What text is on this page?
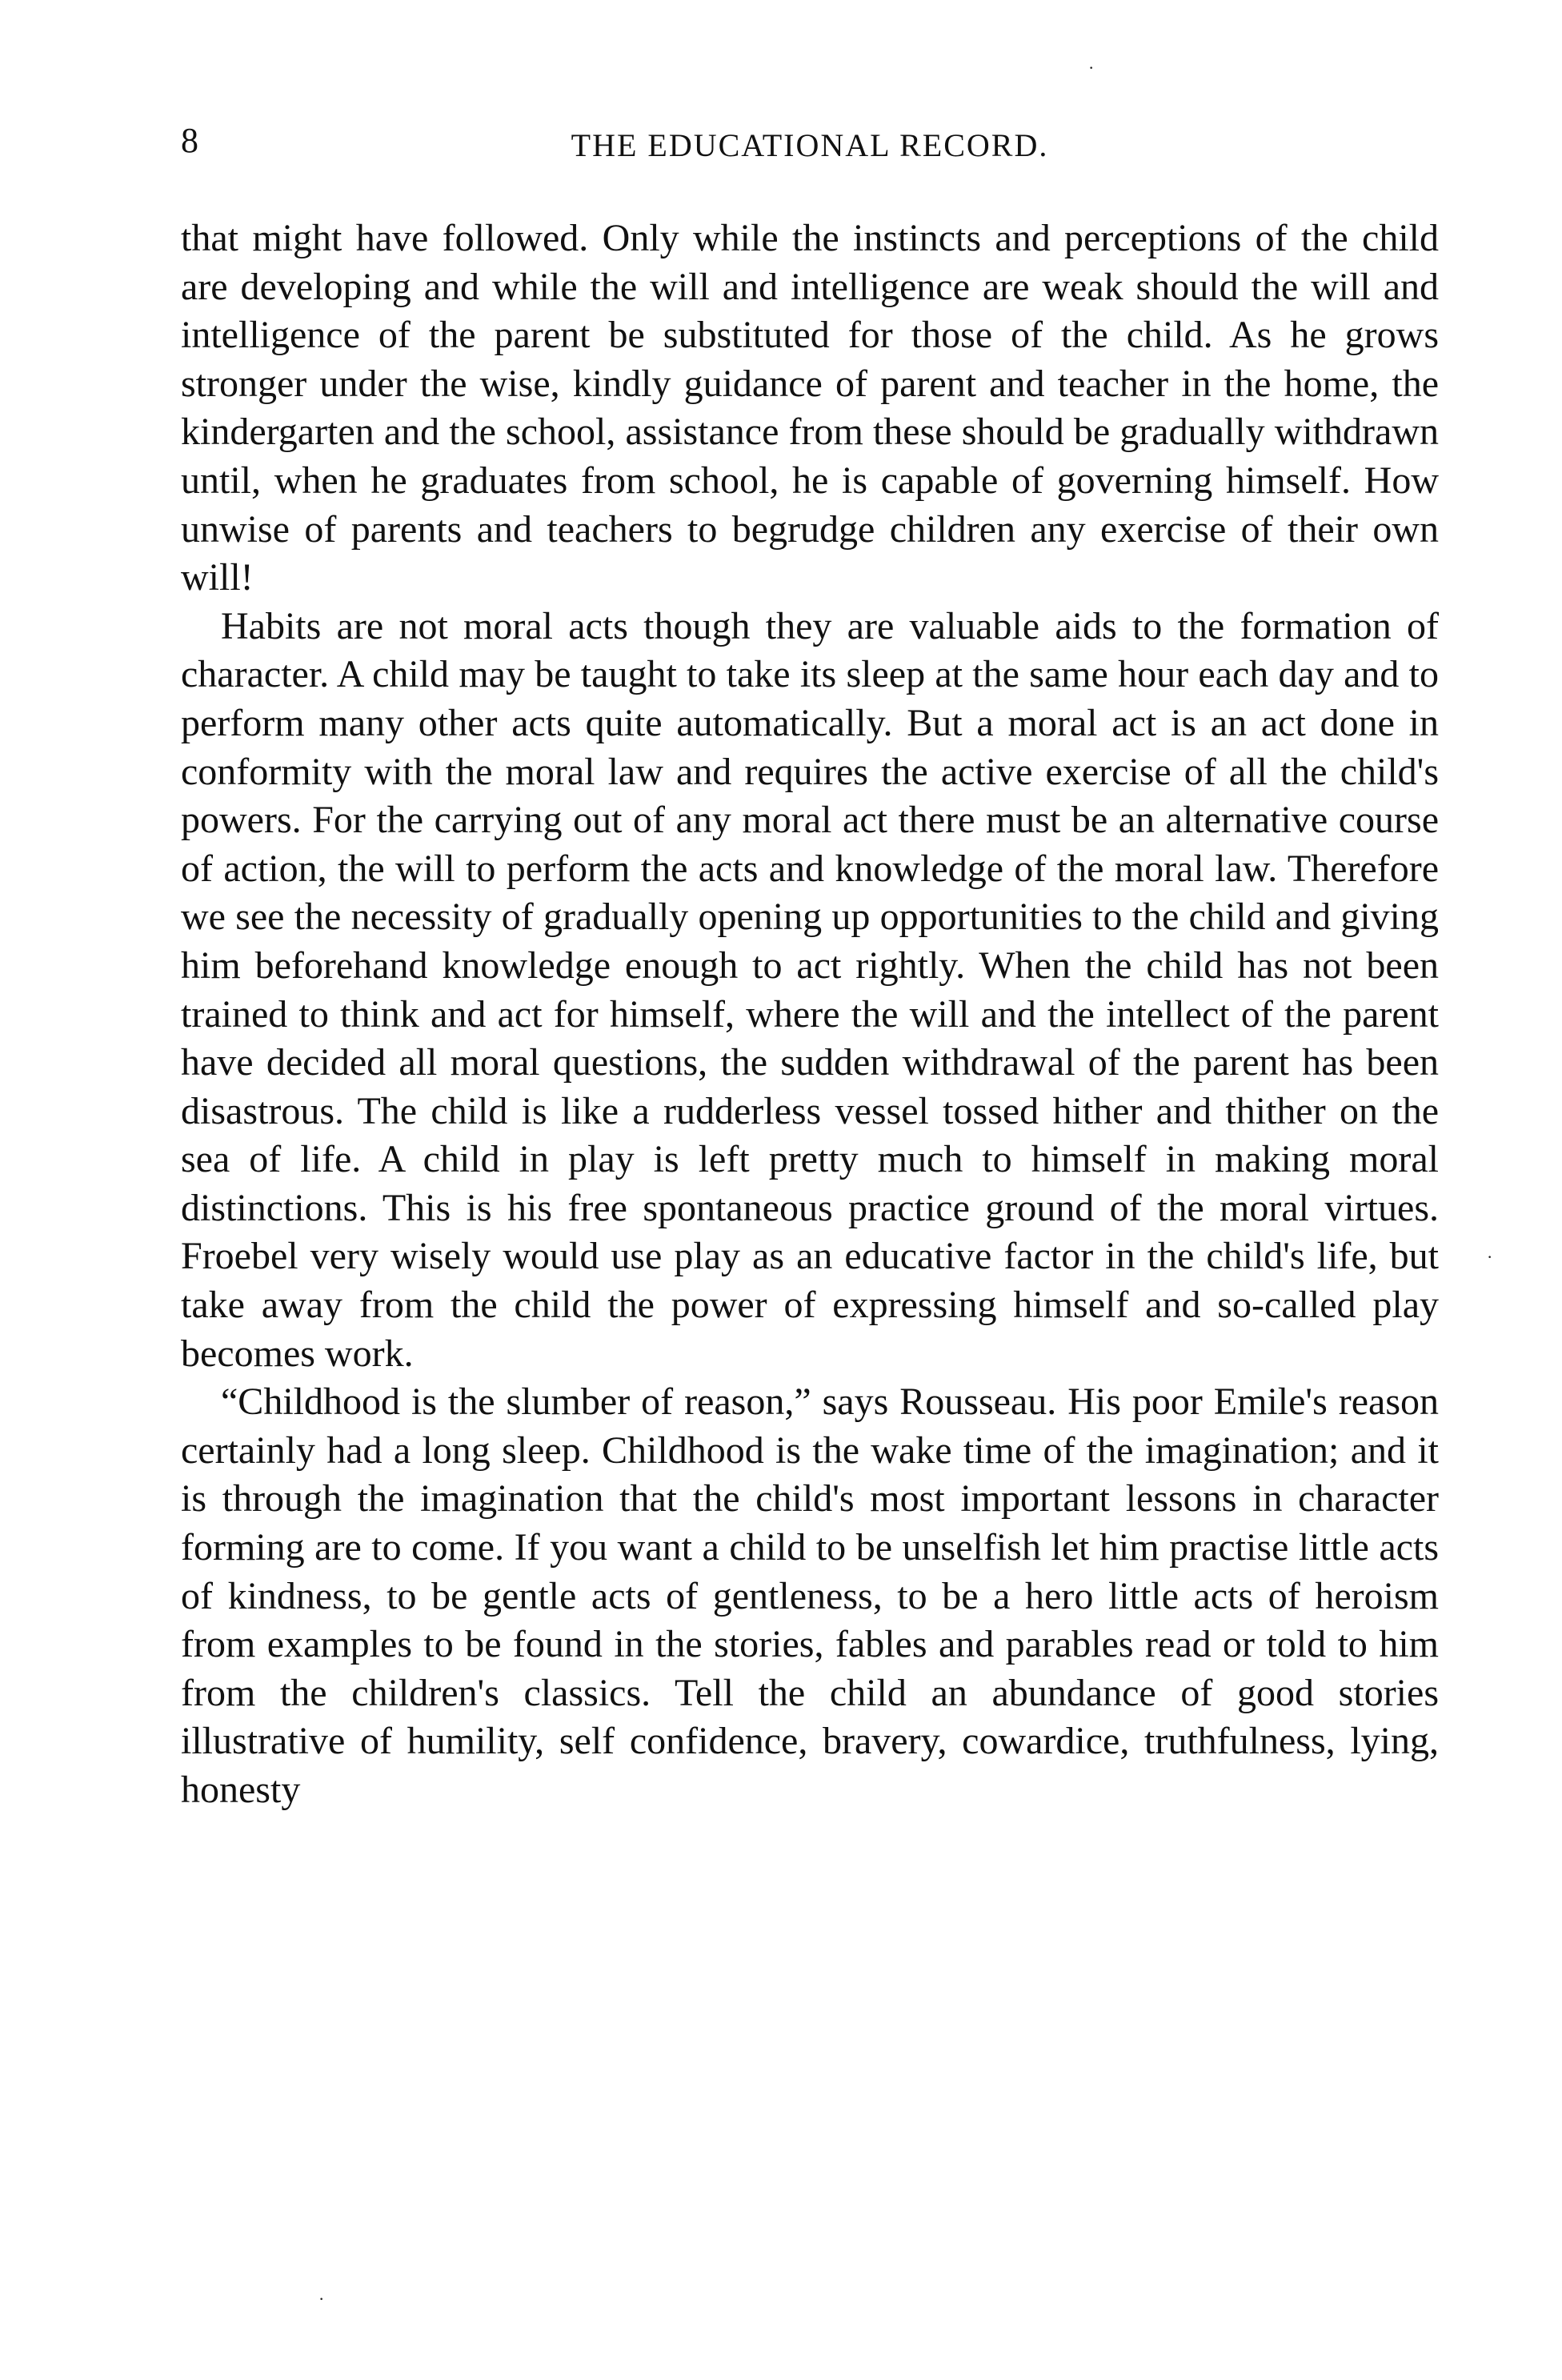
8	THE EDUCATIONAL RECORD.

that might have followed. Only while the instincts and perceptions of the child are developing and while the will and intelligence are weak should the will and intelligence of the parent be substituted for those of the child. As he grows stronger under the wise, kindly guidance of parent and teacher in the home, the kindergarten and the school, assistance from these should be gradually withdrawn until, when he graduates from school, he is capable of governing himself. How unwise of parents and teachers to begrudge children any exercise of their own will!

Habits are not moral acts though they are valuable aids to the formation of character. A child may be taught to take its sleep at the same hour each day and to perform many other acts quite automatically. But a moral act is an act done in conformity with the moral law and requires the active exercise of all the child's powers. For the carrying out of any moral act there must be an alternative course of action, the will to perform the acts and knowledge of the moral law. Therefore we see the necessity of gradually opening up opportunities to the child and giving him beforehand knowledge enough to act rightly. When the child has not been trained to think and act for himself, where the will and the intellect of the parent have decided all moral questions, the sudden withdrawal of the parent has been disastrous. The child is like a rudderless vessel tossed hither and thither on the sea of life. A child in play is left pretty much to himself in making moral distinctions. This is his free spontaneous practice ground of the moral virtues. Froebel very wisely would use play as an educative factor in the child's life, but take away from the child the power of expressing himself and so-called play becomes work.

“Childhood is the slumber of reason,” says Rousseau. His poor Emile's reason certainly had a long sleep. Childhood is the wake time of the imagination; and it is through the imagination that the child's most important lessons in character forming are to come. If you want a child to be unselfish let him practise little acts of kindness, to be gentle acts of gentleness, to be a hero little acts of heroism from examples to be found in the stories, fables and parables read or told to him from the children's classics. Tell the child an abundance of good stories illustrative of humility, self confidence, bravery, cowardice, truthfulness, lying, honesty

·
·
·
